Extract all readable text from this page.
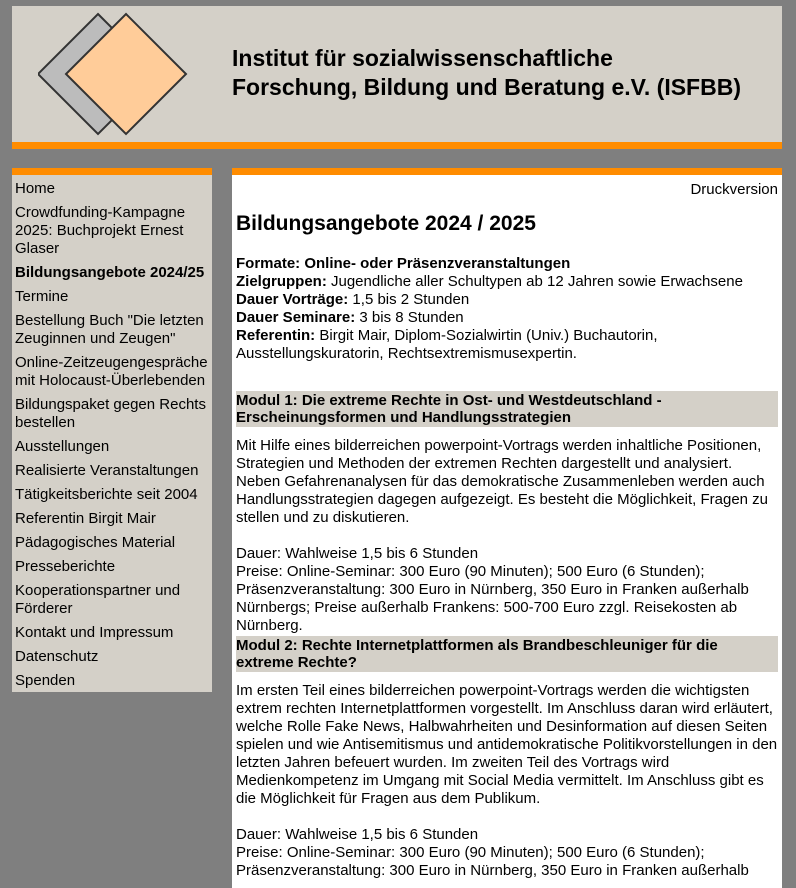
Institut für sozialwissenschaftliche
Forschung, Bildung und Beratung e.V. (ISFBB)
Home
Crowdfunding-Kampagne 2025: Buchprojekt Ernest Glaser
Bildungsangebote 2024/25
Termine
Bestellung Buch "Die letzten Zeuginnen und Zeugen"
Online-Zeitzeugengespräche mit Holocaust-Überlebenden
Bildungspaket gegen Rechts bestellen
Ausstellungen
Realisierte Veranstaltungen
Tätigkeitsberichte seit 2004
Referentin Birgit Mair
Pädagogisches Material
Presseberichte
Kooperationspartner und Förderer
Kontakt und Impressum
Datenschutz
Spenden
Druckversion
Bildungsangebote 2024 / 2025
Formate: Online- oder Präsenzveranstaltungen
Zielgruppen: Jugendliche aller Schultypen ab 12 Jahren sowie Erwachsene
Dauer Vorträge: 1,5 bis 2 Stunden
Dauer Seminare: 3 bis 8 Stunden
Referentin: Birgit Mair, Diplom-Sozialwirtin (Univ.) Buchautorin, Ausstellungskuratorin, Rechtsextremismusexpertin.
Modul 1: Die extreme Rechte in Ost- und Westdeutschland - Erscheinungsformen und Handlungsstrategien

Mit Hilfe eines bilderreichen powerpoint-Vortrags werden inhaltliche Positionen, Strategien und Methoden der extremen Rechten dargestellt und analysiert. Neben Gefahrenanalysen für das demokratische Zusammenleben werden auch Handlungsstrategien dagegen aufgezeigt. Es besteht die Möglichkeit, Fragen zu stellen und zu diskutieren.

Dauer: Wahlweise 1,5 bis 6 Stunden

Preise: Online-Seminar: 300 Euro (90 Minuten); 500 Euro (6 Stunden); Präsenzveranstaltung: 300 Euro in Nürnberg, 350 Euro in Franken außerhalb Nürnbergs; Preise außerhalb Frankens: 500-700 Euro zzgl. Reisekosten ab Nürnberg.

Modul 2: Rechte Internetplattformen als Brandbeschleuniger für die extreme Rechte?

Im ersten Teil eines bilderreichen powerpoint-Vortrags werden die wichtigsten extrem rechten Internetplattformen vorgestellt. Im Anschluss daran wird erläutert, welche Rolle Fake News, Halbwahrheiten und Desinformation auf diesen Seiten spielen und wie Antisemitismus und antidemokratische Politikvorstellungen in den letzten Jahren befeuert wurden. Im zweiten Teil des Vortrags wird Medienkompetenz im Umgang mit Social Media vermittelt. Im Anschluss gibt es die Möglichkeit für Fragen aus dem Publikum.

Dauer: Wahlweise 1,5 bis 6 Stunden

Preise: Online-Seminar: 300 Euro (90 Minuten); 500 Euro (6 Stunden); Präsenzveranstaltung: 300 Euro in Nürnberg, 350 Euro in Franken außerhalb
